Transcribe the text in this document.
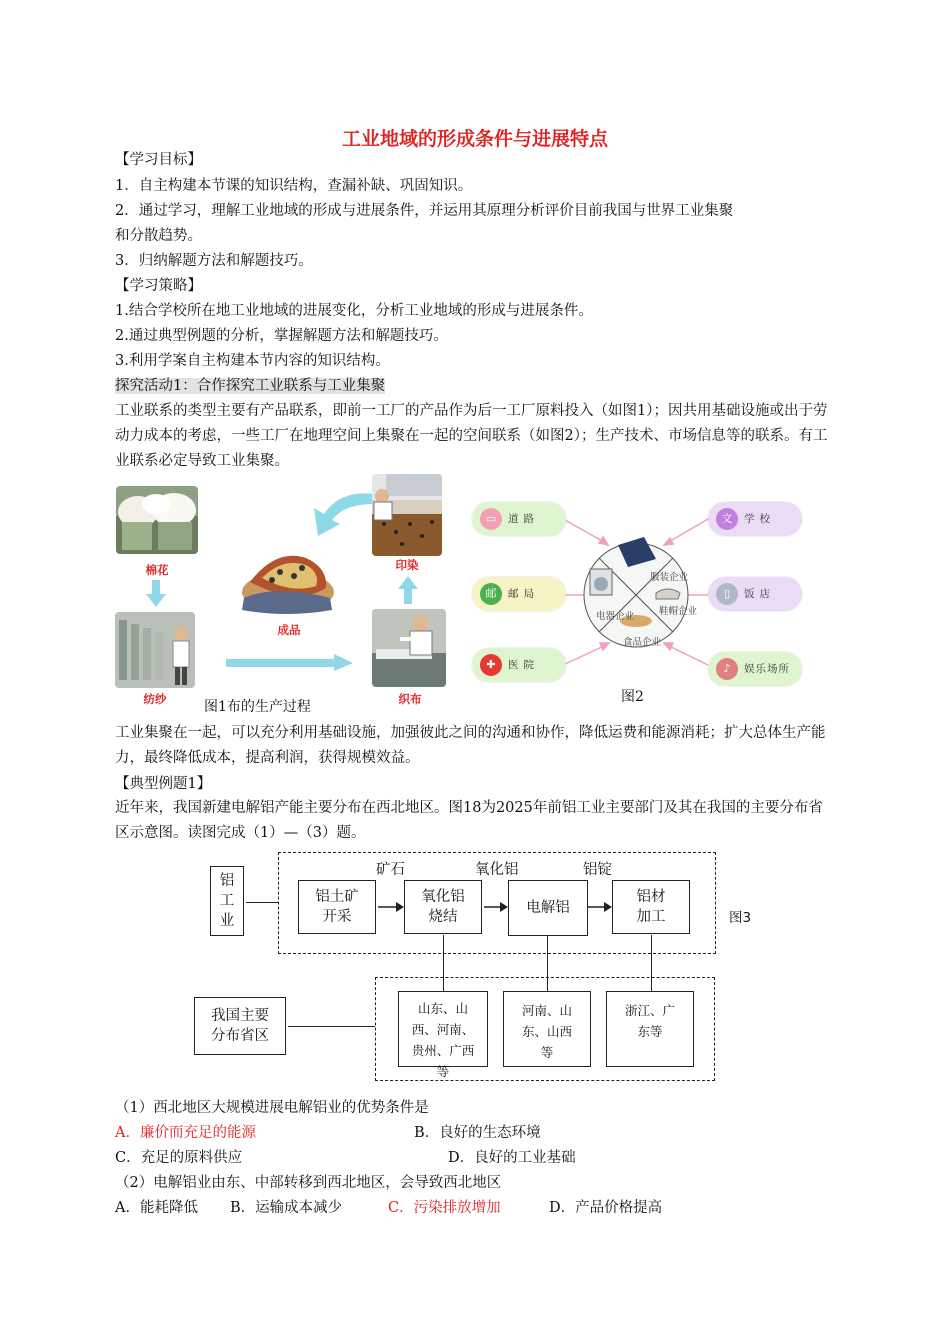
工业地域的形成条件与进展特点
【学习目标】
1．自主构建本节课的知识结构，查漏补缺、巩固知识。
2．通过学习，理解工业地域的形成与进展条件，并运用其原理分析评价目前我国与世界工业集聚
和分散趋势。
3．归纳解题方法和解题技巧。
【学习策略】
1.结合学校所在地工业地域的进展变化，分析工业地域的形成与进展条件。
2.通过典型例题的分析，掌握解题方法和解题技巧。
3.利用学案自主构建本节内容的知识结构。
探究活动1：合作探究工业联系与工业集聚
工业联系的类型主要有产品联系，即前一工厂的产品作为后一工厂原料投入（如图1）；因共用基础设施或出于劳动力成本的考虑，一些工厂在地理空间上集聚在一起的空间联系（如图2）；生产技术、市场信息等的联系。有工业联系必定导致工业集聚。
棉花
纺纱
成品
印染
织布
图1布的生产过程
服装企业
电器企业	鞋帽企业
食品企业
▭	道路
邮	邮局
✚	医院
文	学校
▯	饭店
♪	娱乐场所
图2
工业集聚在一起，可以充分利用基础设施，加强彼此之间的沟通和协作，降低运费和能源消耗；扩大总体生产能力，最终降低成本，提高利润，获得规模效益。
【典型例题1】
近年来，我国新建电解铝产能主要分布在西北地区。图18为2025年前铝工业主要部门及其在我国的主要分布省区示意图。读图完成（1）—（3）题。
铝工业
铝土矿开采
氧化铝烧结
电解铝
铝材加工
矿石	氧化铝	铝锭
图3
我国主要分布省区
山东、山西、河南、贵州、广西等
河南、山东、山西等
浙江、广东等
（1）西北地区大规模进展电解铝业的优势条件是
A．廉价而充足的能源	B．良好的生态环境
C．充足的原料供应	D．良好的工业基础
（2）电解铝业由东、中部转移到西北地区，会导致西北地区
A．能耗降低 B．运输成本减少	C．污染排放增加	D．产品价格提高
